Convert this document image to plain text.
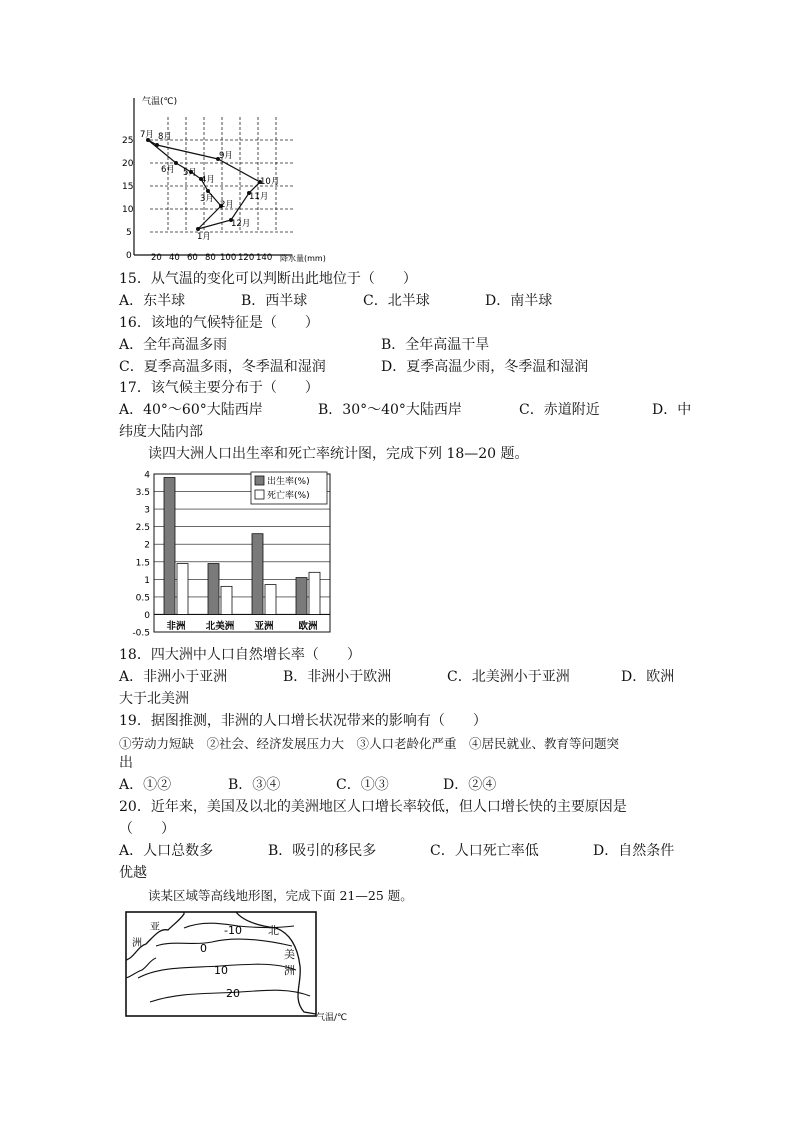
气温(℃)
降水量(mm)
25
20
15
10
5
0 20 40 60 80 100 120 140
1月
2月
3月
4月
5月
6月
7月 8月
9月
10月
11月
12月
15．从气温的变化可以判断出此地位于（　　）
A．东半球	B．西半球	C．北半球	D．南半球
16．该地的气候特征是（　　）
A．全年高温多雨	B．全年高温干旱
C．夏季高温多雨，冬季温和湿润	D．夏季高温少雨，冬季温和湿润
17．该气候主要分布于（　　）
A．40°～60°大陆西岸	B．30°～40°大陆西岸	C．赤道附近	D．中
纬度大陆内部
读四大洲人口出生率和死亡率统计图，完成下列 18—20 题。
4
3.5
3
2.5
2
1.5
1
0.5
0
-0.5
非洲 北美洲 亚洲	欧洲
出生率(%)
死亡率(%)
18．四大洲中人口自然增长率（　　）
A．非洲小于亚洲	B．非洲小于欧洲	C．北美洲小于亚洲	D．欧洲
大于北美洲
19．据图推测，非洲的人口增长状况带来的影响有（　　）
①劳动力短缺　②社会、经济发展压力大　③人口老龄化严重　④居民就业、教育等问题突
出
A．①②	B．③④	C．①③	D．②④
20．近年来，美国及以北的美洲地区人口增长率较低，但人口增长快的主要原因是
（　　）
A．人口总数多	B．吸引的移民多	C．人口死亡率低	D．自然条件
优越
读某区域等高线地形图，完成下面 21—25 题。
亚
洲
-10 北
0	美
10	洲
20
气温/℃
